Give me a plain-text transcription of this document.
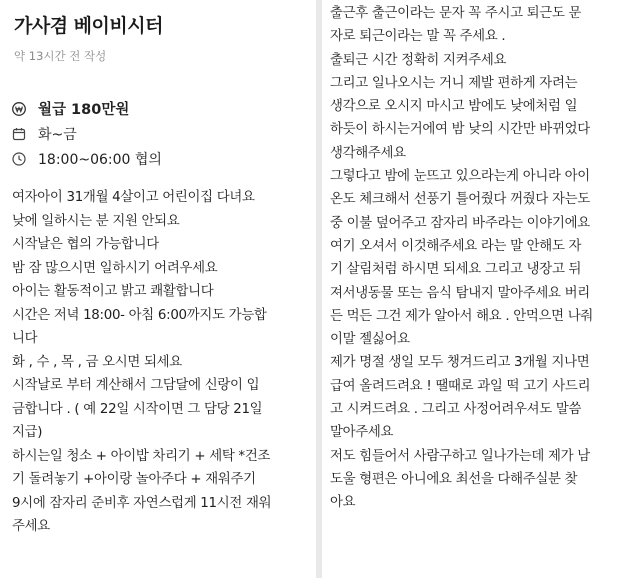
가사겸 베이비시터
약 13시간 전 작성
월급 180만원
화~금
18:00~06:00 협의
여자아이 31개월 4살이고 어린이집 다녀요
낮에 일하시는 분 지원 안되요
시작날은 협의 가능합니다
밤 잠 많으시면 일하시기 어려우세요
아이는 활동적이고 밝고 쾌활합니다
시간은 저녁 18:00- 아침 6:00까지도 가능합
니다
화 , 수 , 목 , 금 오시면 되세요
시작날로 부터 계산해서 그담달에 신랑이 입
금합니다 . ( 예 22일 시작이면 그 담당 21일
지급)
하시는일 청소 + 아이밥 차리기 + 세탁 *건조
기 돌려놓기 +아이랑 놀아주다 + 재워주기
9시에 잠자리 준비후 자연스럽게 11시전 재워
주세요
출근후 출근이라는 문자 꼭 주시고 퇴근도 문
자로 퇴근이라는 말 꼭 주세요 .
출퇴근 시간 정확히 지켜주세요
그리고 일나오시는 거니 제발 편하게 자려는
생각으로 오시지 마시고 밤에도 낮에처럼 일
하듯이 하시는거에여 밤 낮의 시간만 바뀌었다
생각해주세요
그렇다고 밤에 눈뜨고 있으라는게 아니라 아이
온도 체크해서 선풍기 틀어줬다 꺼줬다 자는도
중 이불 덮어주고 잠자리 바주라는 이야기에요
여기 오셔서 이것해주세요 라는 말 안해도 자
기 살림처럼 하시면 되세요 그리고 냉장고 뒤
져서냉동물 또는 음식 탐내지 말아주세요 버리
든 먹든 그건 제가 알아서 해요 . 안먹으면 나줘
이말 젤싫어요
제가 명절 생일 모두 챙겨드리고 3개월 지나면
급여 올려드려요 ! 땔때로 과일 떡 고기 사드리
고 시켜드려요 . 그리고 사정어려우셔도 말씀
말아주세요
저도 힘들어서 사람구하고 일나가는데 제가 남
도울 형편은 아니에요 최선을 다해주실분 찾
아요
